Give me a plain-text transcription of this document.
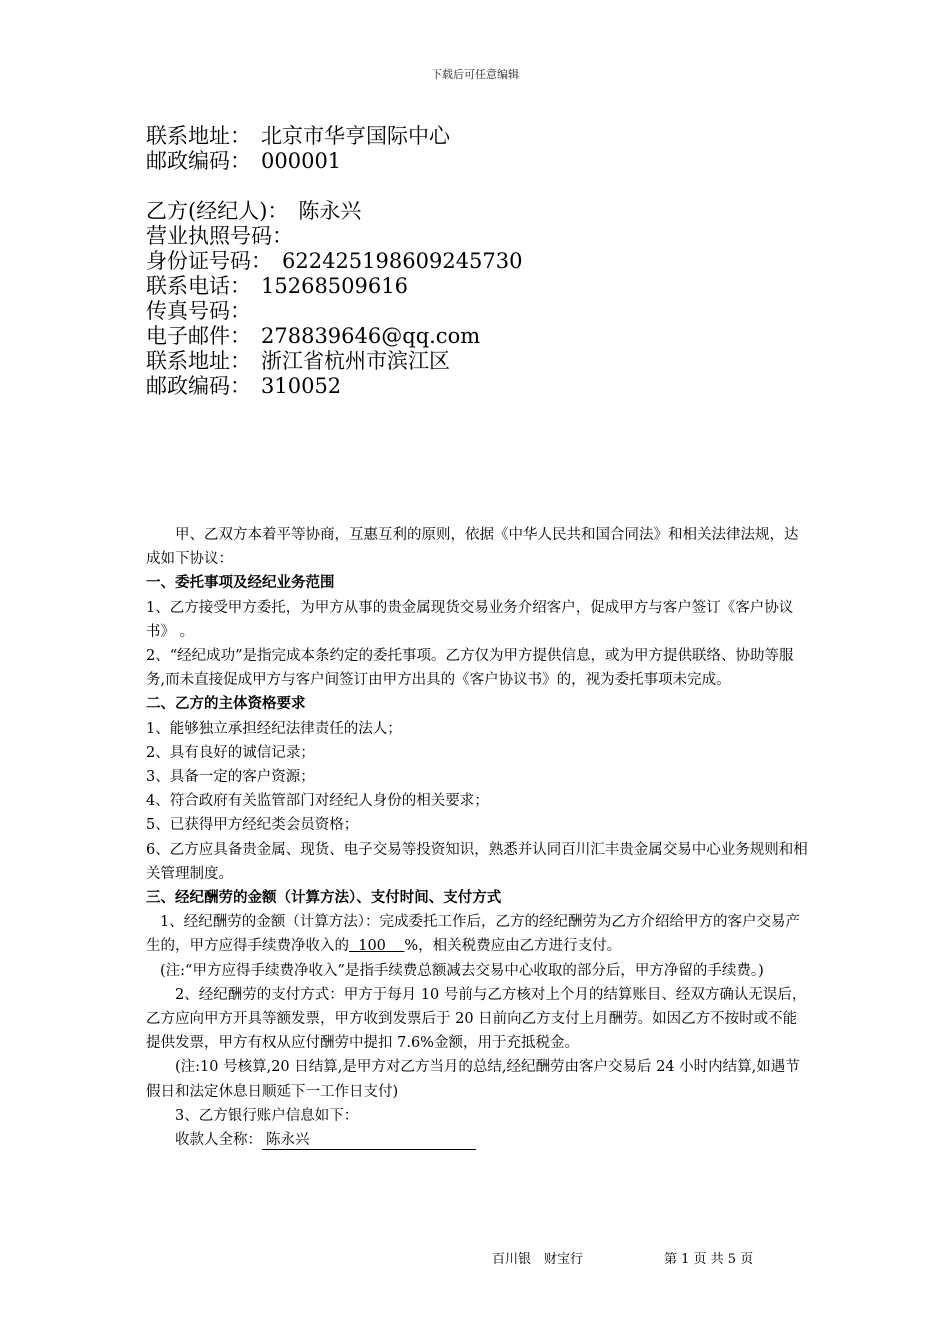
下载后可任意编辑
联系地址： 北京市华亨国际中心
邮政编码： 000001
乙方(经纪人)： 陈永兴
营业执照号码：
身份证号码： 622425198609245730
联系电话： 15268509616
传真号码：
电子邮件： 278839646@qq.com
联系地址： 浙江省杭州市滨江区
邮政编码： 310052

甲、乙双方本着平等协商，互惠互利的原则，依据《中华人民共和国合同法》和相关法律法规，达成如下协议：

一、委托事项及经纪业务范围

1、乙方接受甲方委托，为甲方从事的贵金属现货交易业务介绍客户，促成甲方与客户签订《客户协议书》 。

2、“经纪成功”是指完成本条约定的委托事项。乙方仅为甲方提供信息，或为甲方提供联络、协助等服务,而未直接促成甲方与客户间签订由甲方出具的《客户协议书》的，视为委托事项未完成。

二、乙方的主体资格要求

1、能够独立承担经纪法律责任的法人；

2、具有良好的诚信记录；

3、具备一定的客户资源；

4、符合政府有关监管部门对经纪人身份的相关要求；

5、已获得甲方经纪类会员资格；

6、乙方应具备贵金属、现货、电子交易等投资知识，熟悉并认同百川汇丰贵金属交易中心业务规则和相关管理制度。

三、经纪酬劳的金额（计算方法）、支付时间、支付方式

1、经纪酬劳的金额（计算方法）：完成委托工作后，乙方的经纪酬劳为乙方介绍给甲方的客户交易产生的，甲方应得手续费净收入的 100 %，相关税费应由乙方进行支付。

(注:“甲方应得手续费净收入”是指手续费总额减去交易中心收取的部分后，甲方净留的手续费。)

2、经纪酬劳的支付方式：甲方于每月 10 号前与乙方核对上个月的结算账目、经双方确认无误后，乙方应向甲方开具等额发票，甲方收到发票后于 20 日前向乙方支付上月酬劳。如因乙方不按时或不能提供发票，甲方有权从应付酬劳中提扣 7.6%金额，用于充抵税金。

(注:10 号核算,20 日结算,是甲方对乙方当月的总结,经纪酬劳由客户交易后 24 小时内结算,如遇节假日和法定休息日顺延下一工作日支付)

3、乙方银行账户信息如下：

收款人全称： 陈永兴

百川银　财宝行	第 1 页 共 5 页
